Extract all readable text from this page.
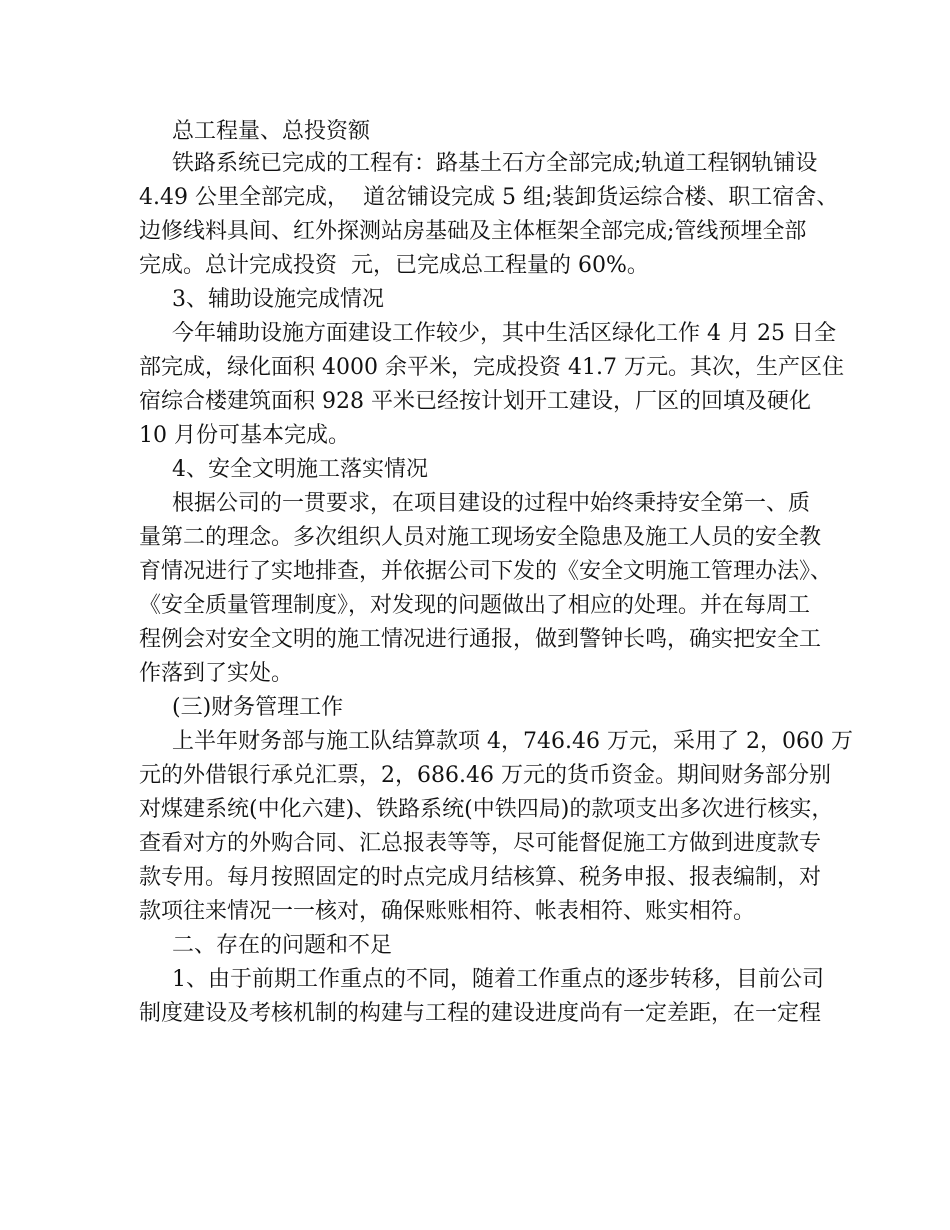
总工程量、总投资额
铁路系统已完成的工程有：路基土石方全部完成;轨道工程钢轨铺设
4.49 公里全部完成，  道岔铺设完成 5 组;装卸货运综合楼、职工宿舍、
边修线料具间、红外探测站房基础及主体框架全部完成;管线预埋全部
完成。总计完成投资  元，已完成总工程量的 60%。
3、辅助设施完成情况
今年辅助设施方面建设工作较少，其中生活区绿化工作 4 月 25 日全
部完成，绿化面积 4000 余平米，完成投资 41.7 万元。其次，生产区住
宿综合楼建筑面积 928 平米已经按计划开工建设，厂区的回填及硬化
10 月份可基本完成。
4、安全文明施工落实情况
根据公司的一贯要求，在项目建设的过程中始终秉持安全第一、质
量第二的理念。多次组织人员对施工现场安全隐患及施工人员的安全教
育情况进行了实地排查，并依据公司下发的《安全文明施工管理办法》、
《安全质量管理制度》，对发现的问题做出了相应的处理。并在每周工
程例会对安全文明的施工情况进行通报，做到警钟长鸣，确实把安全工
作落到了实处。
(三)财务管理工作
上半年财务部与施工队结算款项 4，746.46 万元，采用了 2，060 万
元的外借银行承兑汇票，2，686.46 万元的货币资金。期间财务部分别
对煤建系统(中化六建)、铁路系统(中铁四局)的款项支出多次进行核实，
查看对方的外购合同、汇总报表等等，尽可能督促施工方做到进度款专
款专用。每月按照固定的时点完成月结核算、税务申报、报表编制，对
款项往来情况一一核对，确保账账相符、帐表相符、账实相符。
二、存在的问题和不足
1、由于前期工作重点的不同，随着工作重点的逐步转移，目前公司
制度建设及考核机制的构建与工程的建设进度尚有一定差距，在一定程
